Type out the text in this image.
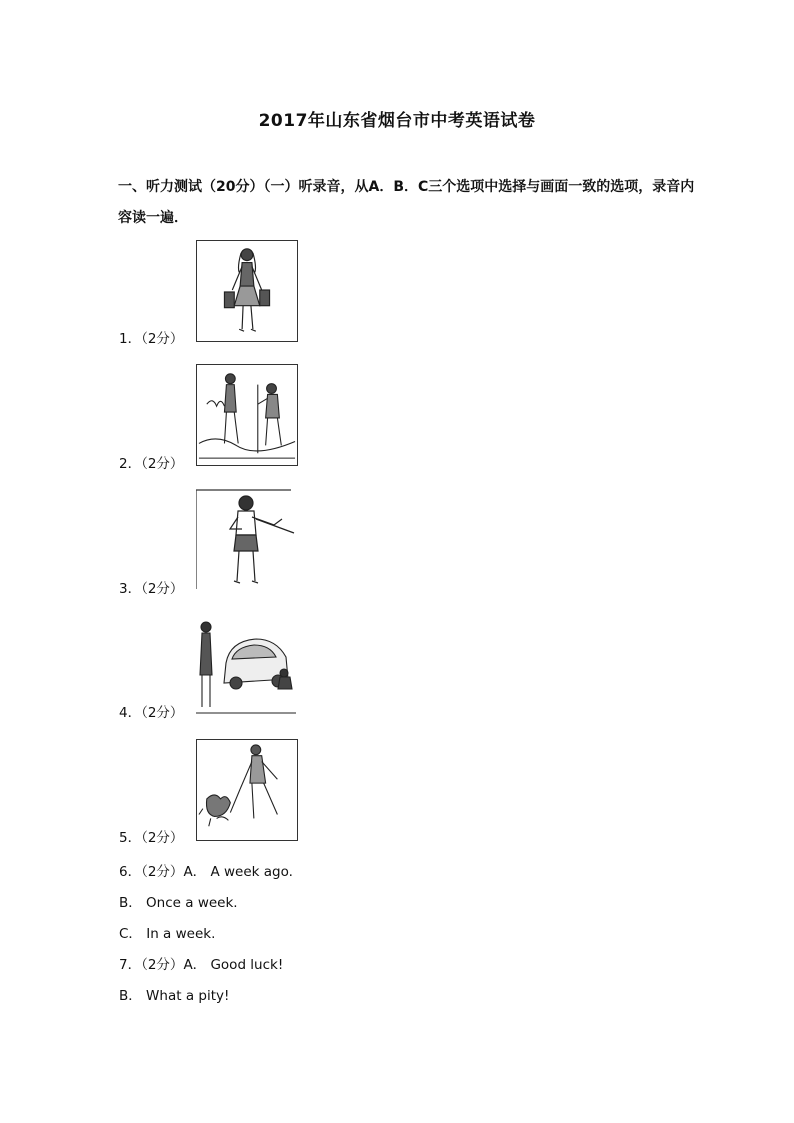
2017年山东省烟台市中考英语试卷
一、听力测试（20分）（一）听录音，从A．B．C三个选项中选择与画面一致的选项，录音内容读一遍．
1．（2分）
2．（2分）
3．（2分）
4．（2分）
5．（2分）
6．（2分）A． A week ago.
B． Once a week.
C． In a week.
7．（2分）A． Good luck!
B． What a pity!
